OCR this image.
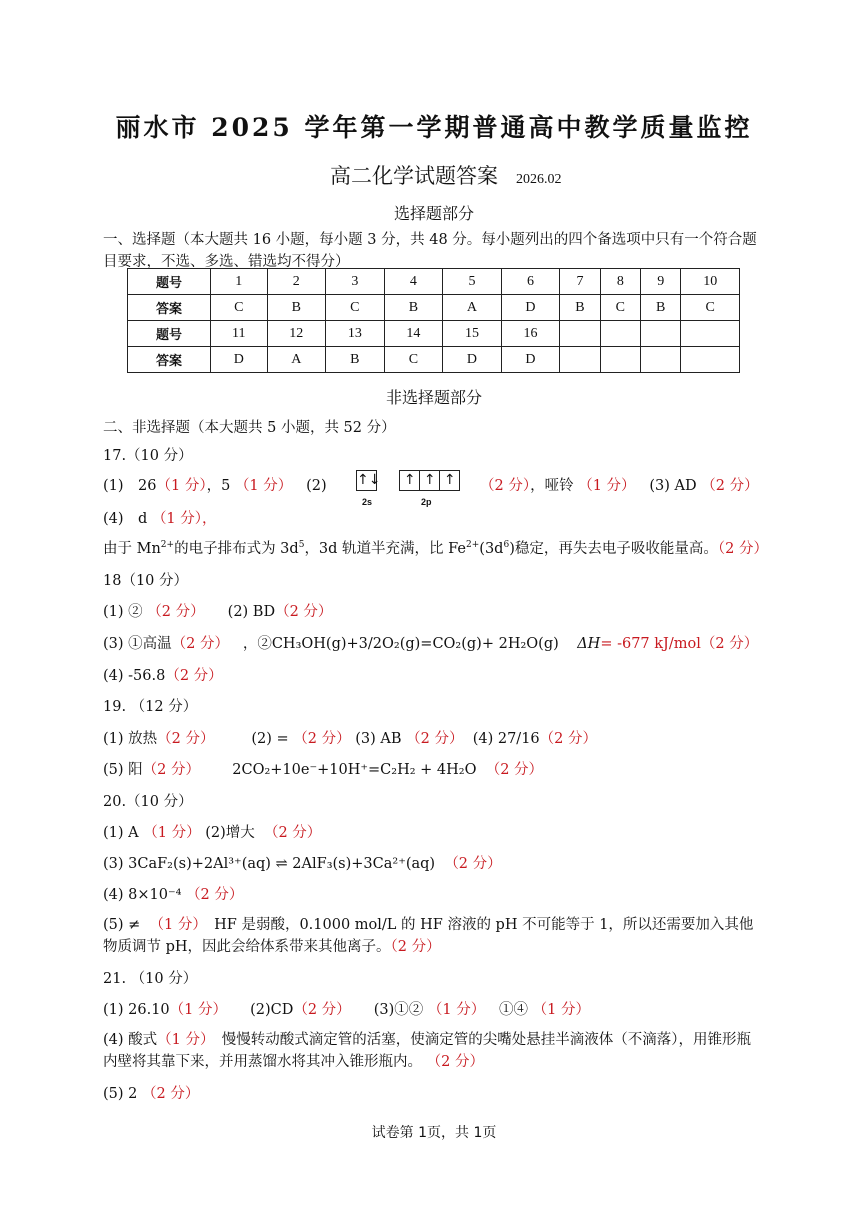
丽水市 2025 学年第一学期普通高中教学质量监控
高二化学试题答案 2026.02
选择题部分
一、选择题（本大题共 16 小题，每小题 3 分，共 48 分。每小题列出的四个备选项中只有一个符合题目要求，不选、多选、错选均不得分）
题号	1	2	3	4	5	6	7	8	9	10
答案	C	B	C	B	A	D	B	C	B	C
题号	11	12	13	14	15	16				
答案	D	A	B	C	D	D				
非选择题部分
二、非选择题（本大题共 5 小题，共 52 分）
17.（10 分）
(1)　26（1 分），5 （1 分） (2) ↑↓ ↑ ↑ ↑
2s	2p
（2 分），哑铃 （1 分） (3) AD （2 分）
(4)　d （1 分），
由于 $Mn^{2+}$的电子排布式为 $3d^5$，3d 轨道半充满，比 $Fe^{2+}(3d^6)$稳定，再失去电子吸收能量高。（2 分）
18（10 分）
(1) ② （2 分） (2) BD（2 分）
(3) ①高温（2 分） ，②CH₃OH(g)+3/2O₂(g)=CO₂(g)+ 2H₂O(g) ΔH= -677 kJ/mol（2 分）
(4) -56.8（2 分）
19. （12 分）
(1) 放热（2 分）	(2) = （2 分） (3) AB （2 分） (4) 27/16（2 分）
(5) 阳（2 分） 2CO₂+10e⁻+10H⁺=C₂H₂ + 4H₂O （2 分）
20.（10 分）
(1) A （1 分） (2)增大 （2 分）
(3) 3CaF₂(s)+2Al³⁺(aq) ⇌ 2AlF₃(s)+3Ca²⁺(aq) （2 分）
(4) 8×10⁻⁴ （2 分）
(5) ≠ （1 分）　HF 是弱酸，0.1000 mol/L 的 HF 溶液的 pH 不可能等于 1，所以还需要加入其他物质调节 pH，因此会给体系带来其他离子。（2 分）
21. （10 分）
(1) 26.10（1 分） (2)CD（2 分） (3)①② （1 分） ①④ （1 分）
(4) 酸式（1 分）　慢慢转动酸式滴定管的活塞，使滴定管的尖嘴处悬挂半滴液体（不滴落），用锥形瓶内壁将其靠下来，并用蒸馏水将其冲入锥形瓶内。 （2 分）
(5) 2 （2 分）
试卷第 1页，共 1页
